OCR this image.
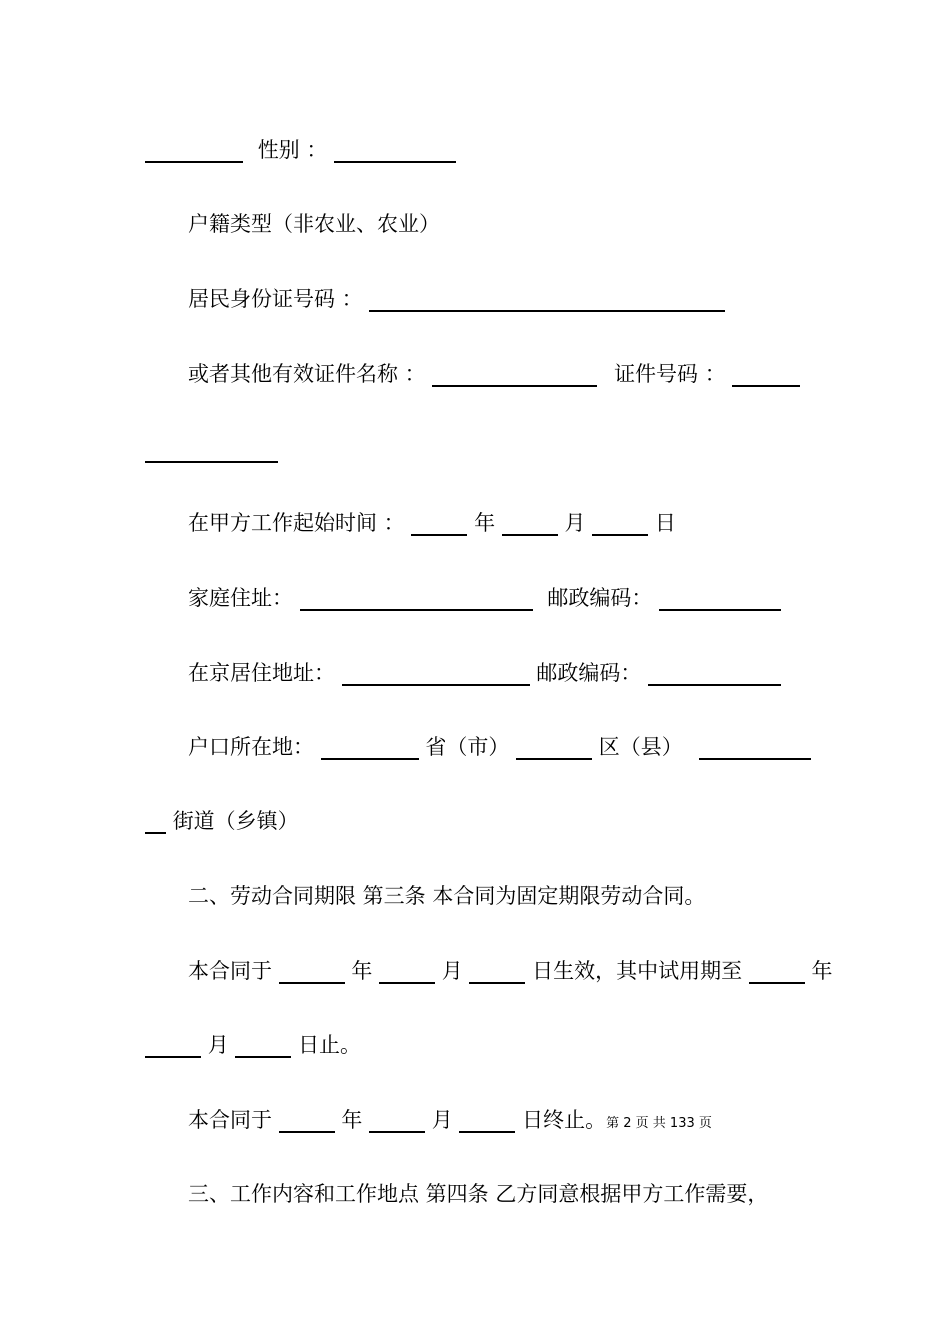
性别 ：
户籍类型（非农业、农业）
居民身份证号码 ：
或者其他有效证件名称 ：	证件号码 ：
在甲方工作起始时间 ：	年	月	日
家庭住址：	邮政编码：
在京居住地址：	邮政编码：
户口所在地：	省（市）	区（县）
街道（乡镇）
二、劳动合同期限 第三条 本合同为固定期限劳动合同。
本合同于	年	月	日生效，其中试用期至	年
月	日止。
本合同于	年	月	日终止。第 2 页 共 133 页
三、工作内容和工作地点 第四条 乙方同意根据甲方工作需要，
